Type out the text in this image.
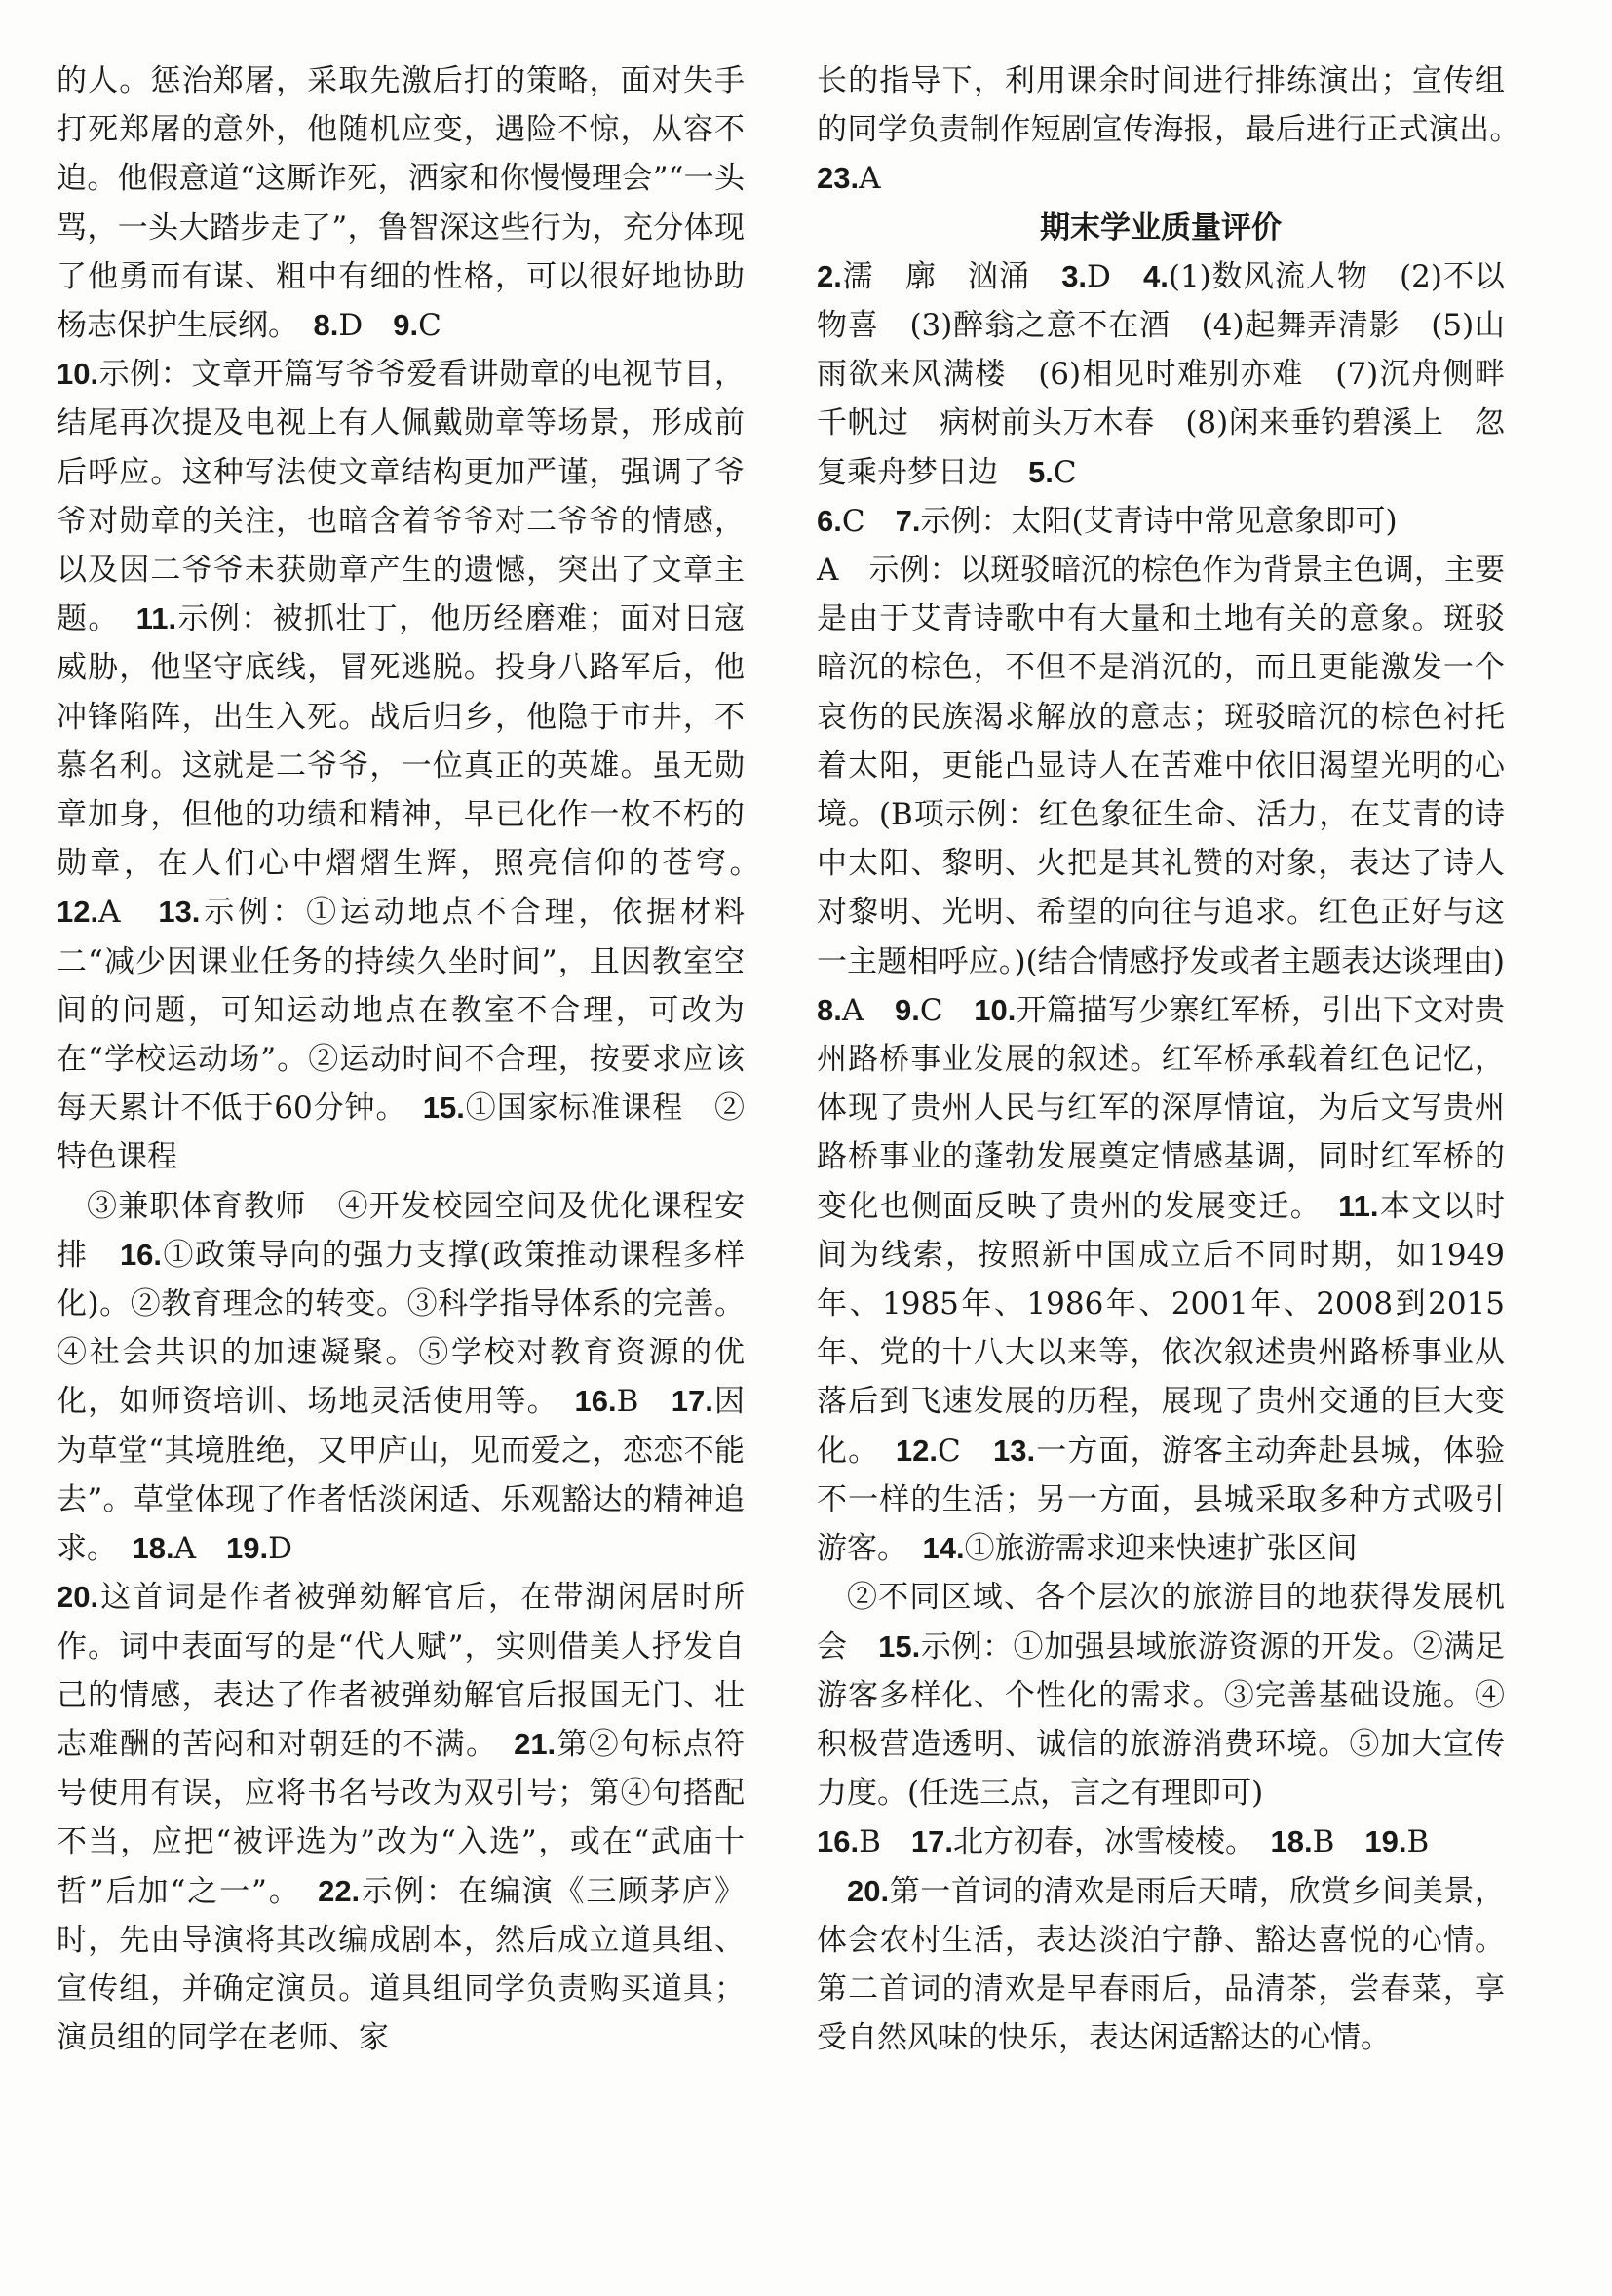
的人。惩治郑屠，采取先激后打的策略，面对失手打死郑屠的意外，他随机应变，遇险不惊，从容不迫。他假意道“这厮诈死，洒家和你慢慢理会”“一头骂，一头大踏步走了”，鲁智深这些行为，充分体现了他勇而有谋、粗中有细的性格，可以很好地协助杨志保护生辰纲。　 8.D　 9.C

10.示例：文章开篇写爷爷爱看讲勋章的电视节目，结尾再次提及电视上有人佩戴勋章等场景，形成前后呼应。这种写法使文章结构更加严谨，强调了爷爷对勋章的关注，也暗含着爷爷对二爷爷的情感，以及因二爷爷未获勋章产生的遗憾，突出了文章主题。　 11.示例：被抓壮丁，他历经磨难；面对日寇威胁，他坚守底线，冒死逃脱。投身八路军后，他冲锋陷阵，出生入死。战后归乡，他隐于市井，不慕名利。这就是二爷爷，一位真正的英雄。虽无勋章加身，但他的功绩和精神，早已化作一枚不朽的勋章，在人们心中熠熠生辉，照亮信仰的苍穹。　12.A　 13.示例：①运动地点不合理，依据材料二“减少因课业任务的持续久坐时间”，且因教室空间的问题，可知运动地点在教室不合理，可改为在“学校运动场”。②运动时间不合理，按要求应该每天累计不低于60分钟。　 15.①国家标准课程　②特色课程

③兼职体育教师　④开发校园空间及优化课程安排　 16.①政策导向的强力支撑(政策推动课程多样化)。②教育理念的转变。③科学指导体系的完善。④社会共识的加速凝聚。⑤学校对教育资源的优化，如师资培训、场地灵活使用等。　 16.B　 17.因为草堂“其境胜绝，又甲庐山，见而爱之，恋恋不能去”。草堂体现了作者恬淡闲适、乐观豁达的精神追求。　 18.A　 19.D

20.这首词是作者被弹劾解官后，在带湖闲居时所作。词中表面写的是“代人赋”，实则借美人抒发自己的情感，表达了作者被弹劾解官后报国无门、壮志难酬的苦闷和对朝廷的不满。　 21.第②句标点符号使用有误，应将书名号改为双引号；第④句搭配不当，应把“被评选为”改为“入选”，或在“武庙十哲”后加“之一”。　 22.示例：在编演《三顾茅庐》时，先由导演将其改编成剧本，然后成立道具组、宣传组，并确定演员。道具组同学负责购买道具；演员组的同学在老师、家

长的指导下，利用课余时间进行排练演出；宣传组的同学负责制作短剧宣传海报，最后进行正式演出。　23.A

期末学业质量评价

2.濡　廓　汹涌　 3.D　 4.(1)数风流人物　(2)不以物喜　(3)醉翁之意不在酒　(4)起舞弄清影　(5)山雨欲来风满楼　(6)相见时难别亦难　(7)沉舟侧畔千帆过　病树前头万木春　(8)闲来垂钓碧溪上　忽复乘舟梦日边　 5.C

6.C　 7.示例：太阳(艾青诗中常见意象即可)

A　示例：以斑驳暗沉的棕色作为背景主色调，主要是由于艾青诗歌中有大量和土地有关的意象。斑驳暗沉的棕色，不但不是消沉的，而且更能激发一个哀伤的民族渴求解放的意志；斑驳暗沉的棕色衬托着太阳，更能凸显诗人在苦难中依旧渴望光明的心境。(B项示例：红色象征生命、活力，在艾青的诗中太阳、黎明、火把是其礼赞的对象，表达了诗人对黎明、光明、希望的向往与追求。红色正好与这一主题相呼应。)(结合情感抒发或者主题表达谈理由)　8.A　 9.C　 10.开篇描写少寨红军桥，引出下文对贵州路桥事业发展的叙述。红军桥承载着红色记忆，体现了贵州人民与红军的深厚情谊，为后文写贵州路桥事业的蓬勃发展奠定情感基调，同时红军桥的变化也侧面反映了贵州的发展变迁。　 11.本文以时间为线索，按照新中国成立后不同时期，如1949年、1985年、1986年、2001年、2008到2015年、党的十八大以来等，依次叙述贵州路桥事业从落后到飞速发展的历程，展现了贵州交通的巨大变化。　 12.C　 13.一方面，游客主动奔赴县城，体验不一样的生活；另一方面，县城采取多种方式吸引游客。　 14.①旅游需求迎来快速扩张区间

②不同区域、各个层次的旅游目的地获得发展机会　 15.示例：①加强县域旅游资源的开发。②满足游客多样化、个性化的需求。③完善基础设施。④积极营造透明、诚信的旅游消费环境。⑤加大宣传力度。(任选三点，言之有理即可)

16.B　 17.北方初春，冰雪棱棱。　 18.B　 19.B

20.第一首词的清欢是雨后天晴，欣赏乡间美景，体会农村生活，表达淡泊宁静、豁达喜悦的心情。第二首词的清欢是早春雨后，品清茶，尝春菜，享受自然风味的快乐，表达闲适豁达的心情。
